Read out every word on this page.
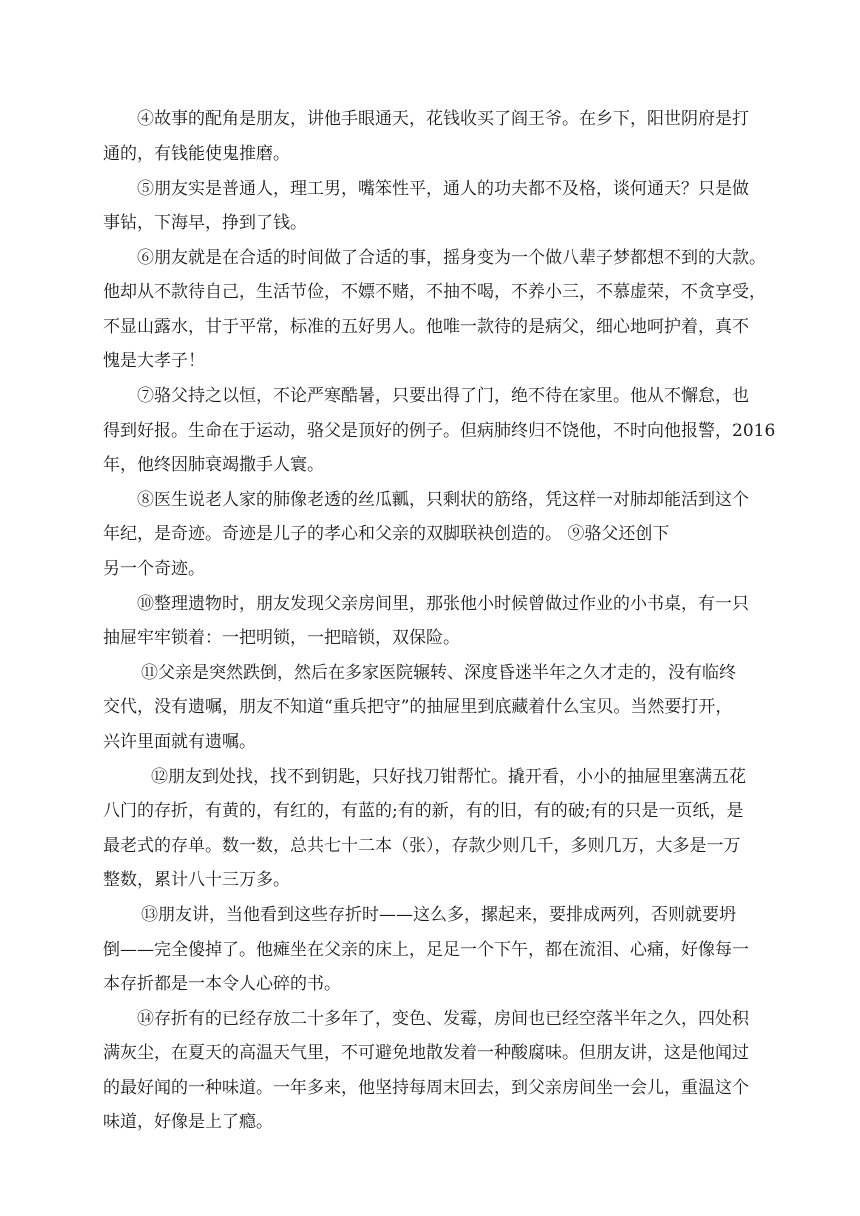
④故事的配角是朋友，讲他手眼通天，花钱收买了阎王爷。在乡下，阳世阴府是打
通的，有钱能使鬼推磨。
⑤朋友实是普通人，理工男，嘴笨性平，通人的功夫都不及格，谈何通天？只是做
事钻，下海早，挣到了钱。
⑥朋友就是在合适的时间做了合适的事，摇身变为一个做八辈子梦都想不到的大款。
他却从不款待自己，生活节俭，不嫖不赌，不抽不喝，不养小三，不慕虚荣，不贪享受，
不显山露水，甘于平常，标准的五好男人。他唯一款待的是病父，细心地呵护着，真不
愧是大孝子！
⑦骆父持之以恒，不论严寒酷暑，只要出得了门，绝不待在家里。他从不懈怠，也
得到好报。生命在于运动，骆父是顶好的例子。但病肺终归不饶他，不时向他报警，2016
年，他终因肺衰竭撒手人寰。
⑧医生说老人家的肺像老透的丝瓜瓤，只剩状的筋络，凭这样一对肺却能活到这个
年纪，是奇迹。奇迹是儿子的孝心和父亲的双脚联袂创造的。 ⑨骆父还创下
另一个奇迹。
⑩整理遗物时，朋友发现父亲房间里，那张他小时候曾做过作业的小书桌，有一只
抽屉牢牢锁着：一把明锁，一把暗锁，双保险。
⑪父亲是突然跌倒，然后在多家医院辗转、深度昏迷半年之久才走的，没有临终
交代，没有遗嘱，朋友不知道“重兵把守”的抽屉里到底藏着什么宝贝。当然要打开，
兴许里面就有遗嘱。
⑫朋友到处找，找不到钥匙，只好找刀钳帮忙。撬开看，小小的抽屉里塞满五花
八门的存折，有黄的，有红的，有蓝的;有的新，有的旧，有的破;有的只是一页纸，是
最老式的存单。数一数，总共七十二本（张），存款少则几千，多则几万，大多是一万
整数，累计八十三万多。
⑬朋友讲，当他看到这些存折时——这么多，摞起来，要排成两列，否则就要坍
倒——完全傻掉了。他瘫坐在父亲的床上，足足一个下午，都在流泪、心痛，好像每一
本存折都是一本令人心碎的书。
⑭存折有的已经存放二十多年了，变色、发霉，房间也已经空落半年之久，四处积
满灰尘，在夏天的高温天气里，不可避免地散发着一种酸腐味。但朋友讲，这是他闻过
的最好闻的一种味道。一年多来，他坚持每周末回去，到父亲房间坐一会儿，重温这个
味道，好像是上了瘾。
